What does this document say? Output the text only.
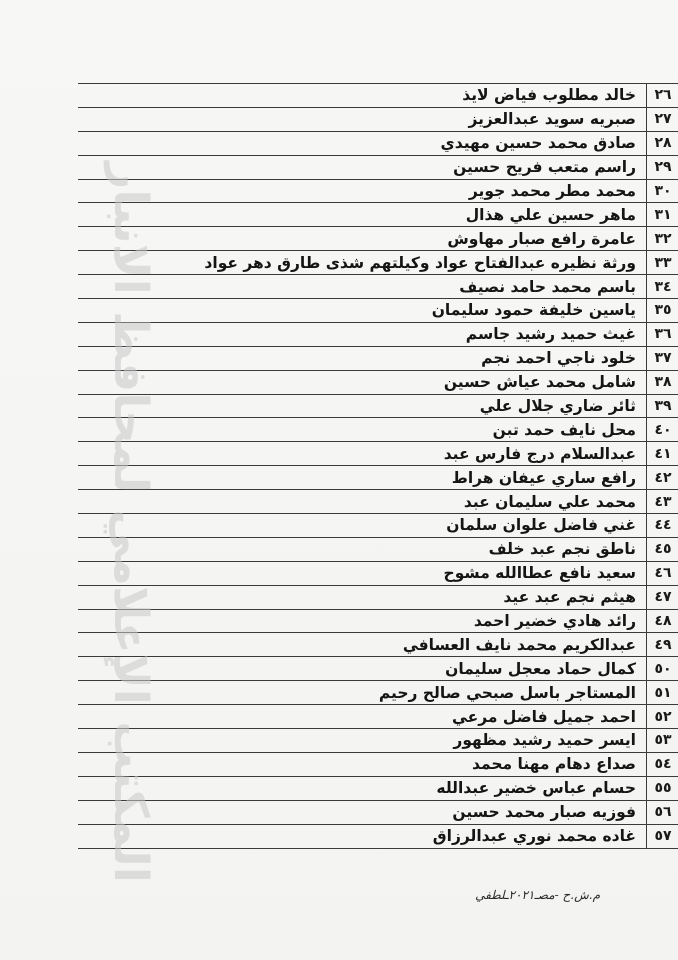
٢٦
خالد مطلوب فياض لايذ
٢٧
صبريه سويد عبدالعزيز
٢٨
صادق محمد حسين مهيدي
٢٩
راسم متعب فريح حسين
٣٠
محمد مطر محمد جوير
٣١
ماهر حسين علي هذال
٣٢
عامرة رافع صبار مهاوش
٣٣
ورثة نظيره عبدالفتاح عواد وكيلتهم شذى طارق دهر عواد
٣٤
باسم محمد حامد نصيف
٣٥
ياسين خليفة حمود سليمان
٣٦
غيث حميد رشيد جاسم
٣٧
خلود ناجي احمد نجم
٣٨
شامل محمد عياش حسين
٣٩
ثائر ضاري جلال علي
٤٠
محل نايف حمد تبن
٤١
عبدالسلام درج فارس عبد
٤٢
رافع ساري عيفان هراط
٤٣
محمد علي سليمان عبد
٤٤
غني فاضل علوان سلمان
٤٥
ناطق نجم عبد خلف
٤٦
سعيد نافع عطاالله مشوح
٤٧
هيثم نجم عبد عيد
٤٨
رائد هادي خضير احمد
٤٩
عبدالكريم محمد نايف العسافي
٥٠
كمال حماد معجل سليمان
٥١
المستاجر باسل صبحي صالح رحيم
٥٢
احمد جميل فاضل مرعي
٥٣
ايسر حميد رشيد مظهور
٥٤
صداع دهام مهنا محمد
٥٥
حسام عباس خضير عبدالله
٥٦
فوزيه صبار محمد حسين
٥٧
غاده محمد نوري عبدالرزاق
المكتب الإعلامي لمحافظ الانبار
م.ش.ح -مصـ٢٠٢١ـلطفي
